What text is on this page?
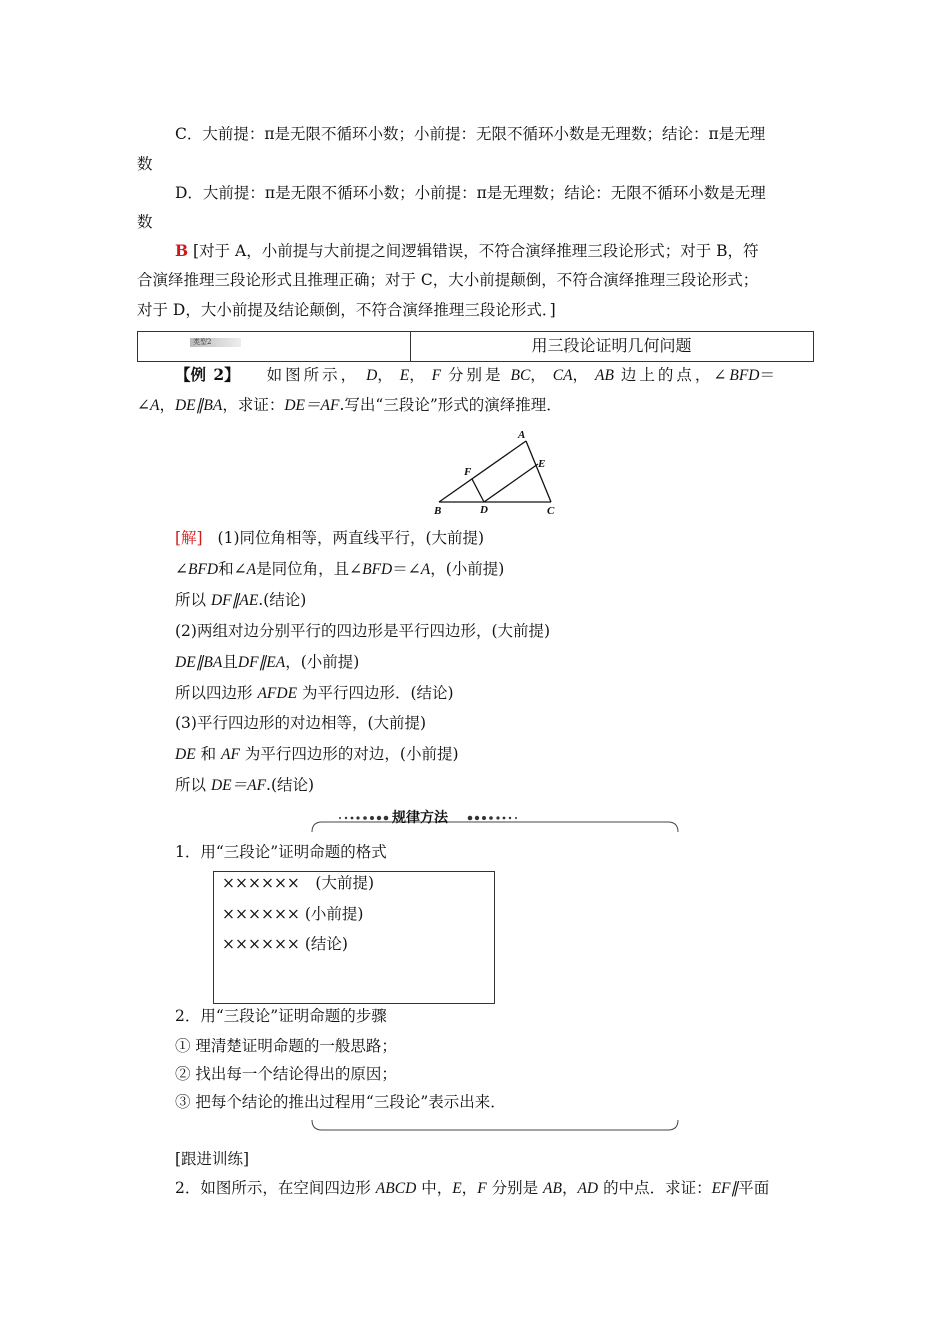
C．大前提：π是无限不循环小数；小前提：无限不循环小数是无理数；结论：π是无理
数
D．大前提：π是无限不循环小数；小前提：π是无理数；结论：无限不循环小数是无理
数
B [对于 A，小前提与大前提之间逻辑错误，不符合演绎推理三段论形式；对于 B，符
合演绎推理三段论形式且推理正确；对于 C，大小前提颠倒，不符合演绎推理三段论形式；
对于 D，大小前提及结论颠倒，不符合演绎推理三段论形式．]
类型2	用三段论证明几何问题
【例 2】 如图所示， D， E， F 分别是 BC， CA， AB 边上的点，∠BFD＝
∠A，DE∥BA，求证：DE＝AF.写出“三段论”形式的演绎推理．
A
E
F
B	D	C
[解] (1)同位角相等，两直线平行，(大前提)
∠BFD和∠A是同位角，且∠BFD＝∠A，(小前提)
所以 DF∥AE.(结论)
(2)两组对边分别平行的四边形是平行四边形，(大前提)
DE∥BA且DF∥EA，(小前提)
所以四边形 AFDE 为平行四边形．(结论)
(3)平行四边形的对边相等，(大前提)
DE 和 AF 为平行四边形的对边，(小前提)
所以 DE＝AF.(结论)
规律方法
1．用“三段论”证明命题的格式
××××××　(大前提)
×××××× (小前提)
×××××× (结论)
2．用“三段论”证明命题的步骤
① 理清楚证明命题的一般思路；
② 找出每一个结论得出的原因；
③ 把每个结论的推出过程用“三段论”表示出来．
[跟进训练]
2．如图所示，在空间四边形 ABCD 中，E，F 分别是 AB，AD 的中点．求证：EF∥平面
